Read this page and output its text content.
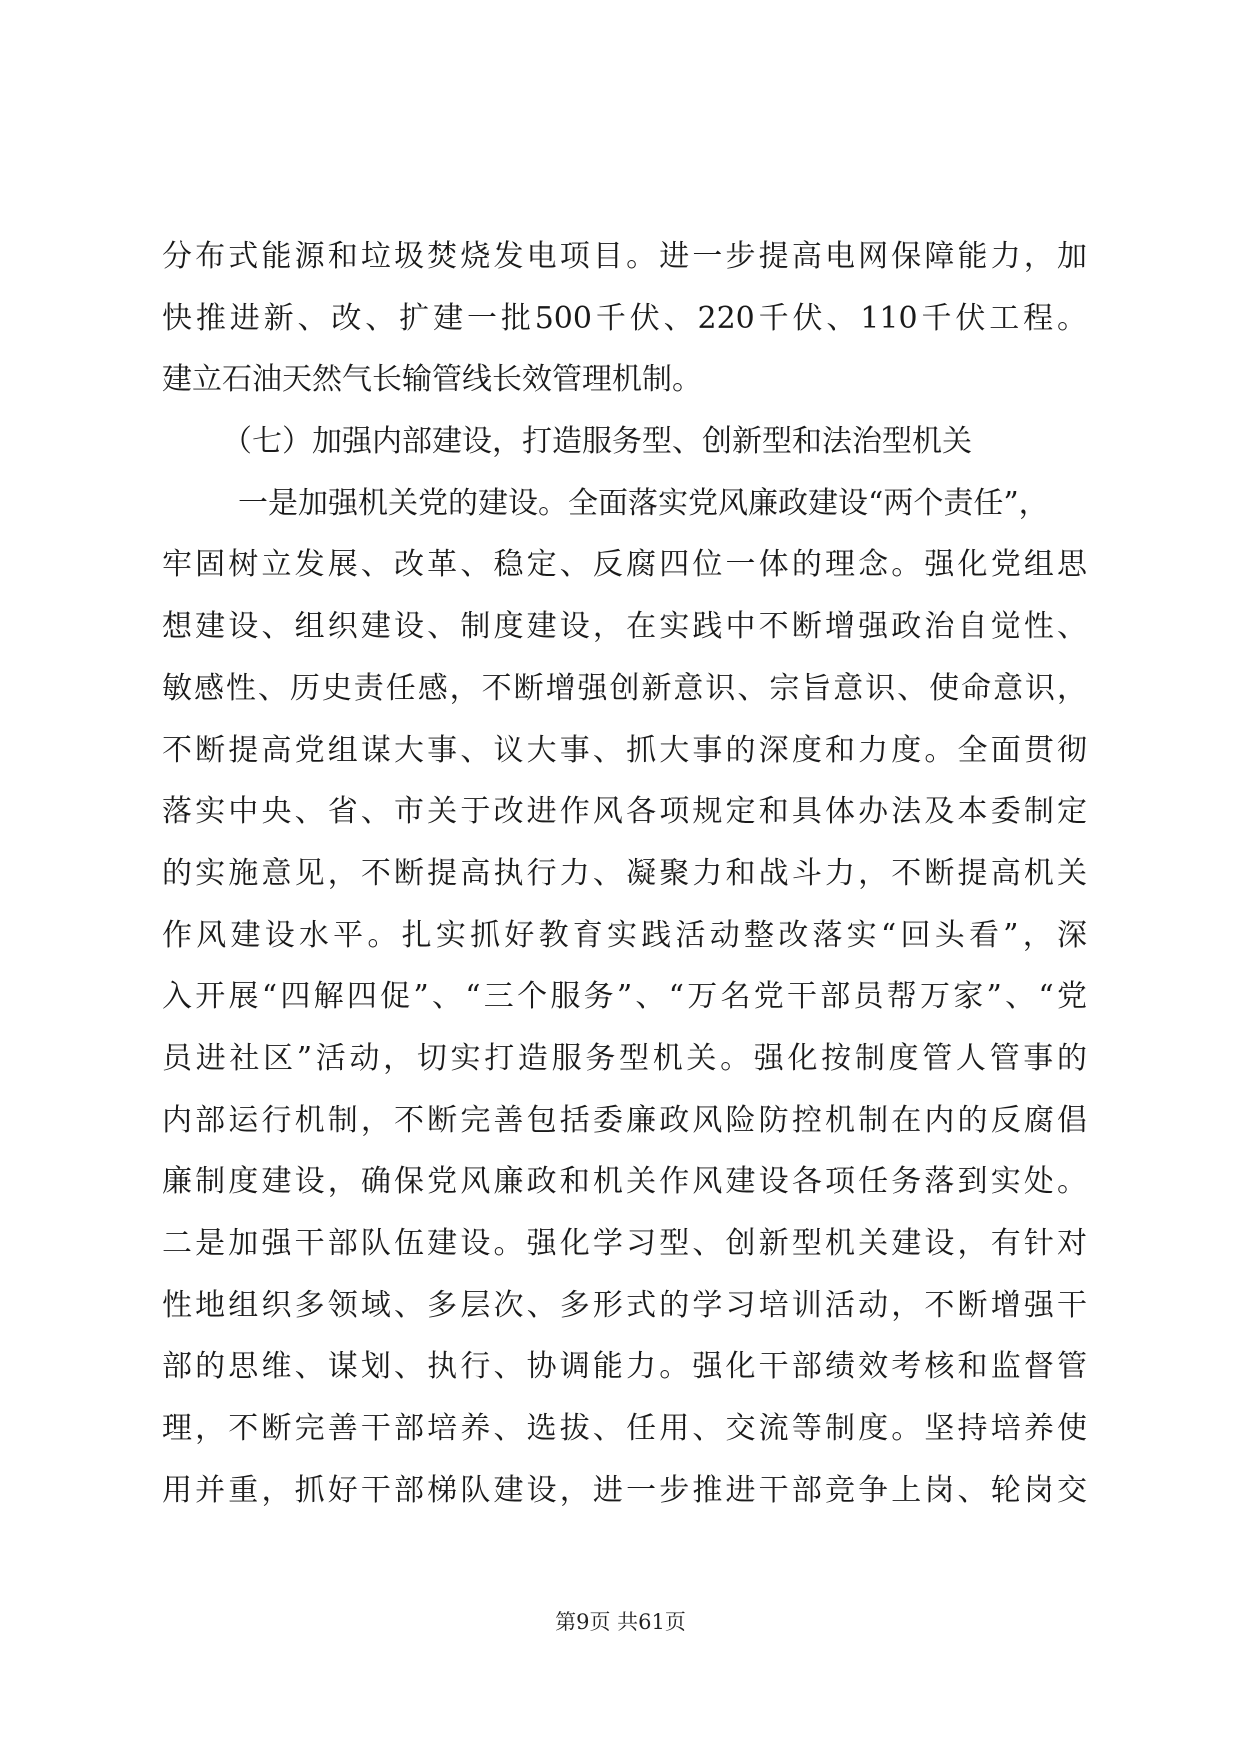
分布式能源和垃圾焚烧发电项目。进一步提高电网保障能力，加
快推进新、改、扩建一批500千伏、220千伏、110千伏工程。
建立石油天然气长输管线长效管理机制。
（七）加强内部建设，打造服务型、创新型和法治型机关
一是加强机关党的建设。全面落实党风廉政建设“两个责任”，
牢固树立发展、改革、稳定、反腐四位一体的理念。强化党组思
想建设、组织建设、制度建设，在实践中不断增强政治自觉性、
敏感性、历史责任感，不断增强创新意识、宗旨意识、使命意识，
不断提高党组谋大事、议大事、抓大事的深度和力度。全面贯彻
落实中央、省、市关于改进作风各项规定和具体办法及本委制定
的实施意见，不断提高执行力、凝聚力和战斗力，不断提高机关
作风建设水平。扎实抓好教育实践活动整改落实“回头看”，深
入开展“四解四促”、“三个服务”、“万名党干部员帮万家”、“党
员进社区”活动，切实打造服务型机关。强化按制度管人管事的
内部运行机制，不断完善包括委廉政风险防控机制在内的反腐倡
廉制度建设，确保党风廉政和机关作风建设各项任务落到实处。
二是加强干部队伍建设。强化学习型、创新型机关建设，有针对
性地组织多领域、多层次、多形式的学习培训活动，不断增强干
部的思维、谋划、执行、协调能力。强化干部绩效考核和监督管
理，不断完善干部培养、选拔、任用、交流等制度。坚持培养使
用并重，抓好干部梯队建设，进一步推进干部竞争上岗、轮岗交
第9页 共61页
